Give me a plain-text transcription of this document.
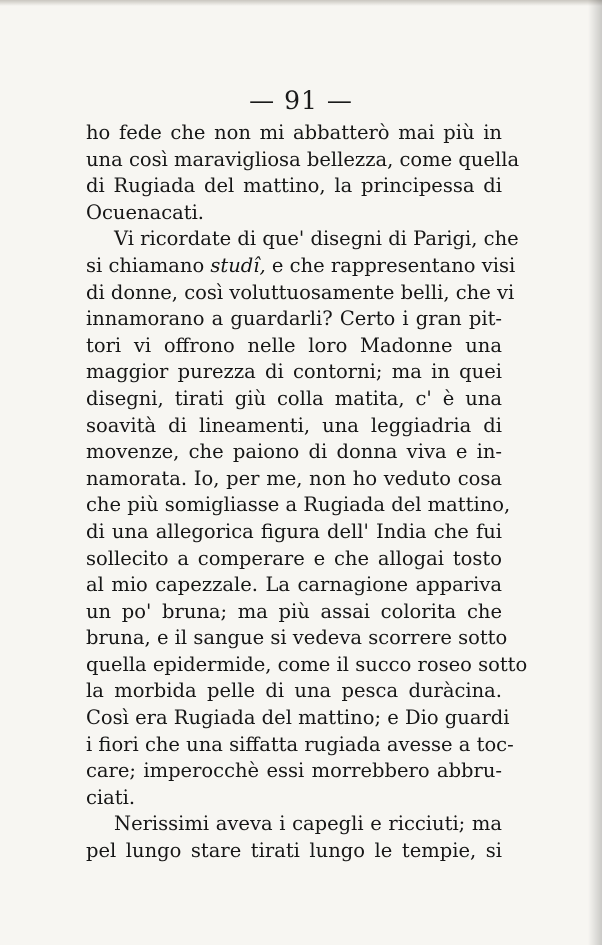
— 91 —
ho fede che non mi abbatterò mai più in
una così maravigliosa bellezza, come quella
di Rugiada del mattino, la principessa di
Ocuenacati.
Vi ricordate di que' disegni di Parigi, che
si chiamano studî, e che rappresentano visi
di donne, così voluttuosamente belli, che vi
innamorano a guardarli? Certo i gran pit-
tori vi offrono nelle loro Madonne una
maggior purezza di contorni; ma in quei
disegni, tirati giù colla matita, c' è una
soavità di lineamenti, una leggiadria di
movenze, che paiono di donna viva e in-
namorata. Io, per me, non ho veduto cosa
che più somigliasse a Rugiada del mattino,
di una allegorica figura dell' India che fui
sollecito a comperare e che allogai tosto
al mio capezzale. La carnagione appariva
un po' bruna; ma più assai colorita che
bruna, e il sangue si vedeva scorrere sotto
quella epidermide, come il succo roseo sotto
la morbida pelle di una pesca duràcina.
Così era Rugiada del mattino; e Dio guardi
i fiori che una siffatta rugiada avesse a toc-
care; imperocchè essi morrebbero abbru-
ciati.
Nerissimi aveva i capegli e ricciuti; ma
pel lungo stare tirati lungo le tempie, si
